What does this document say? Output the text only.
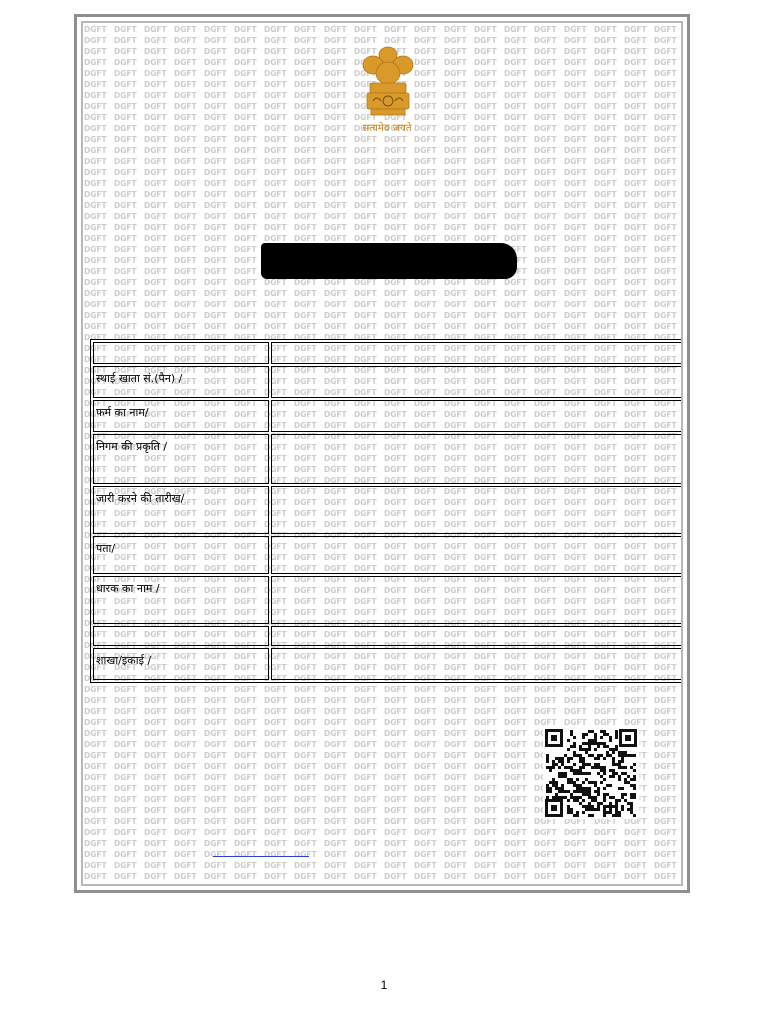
सत्यमेव जयते

स्थाई खाता सं.(पैन) /	
फर्म का नाम/	
निगम की प्रकृति /	
जारी करने की तारीख/	
पता/	
धारक का नाम /	

शाखा/इकाई /	
1
